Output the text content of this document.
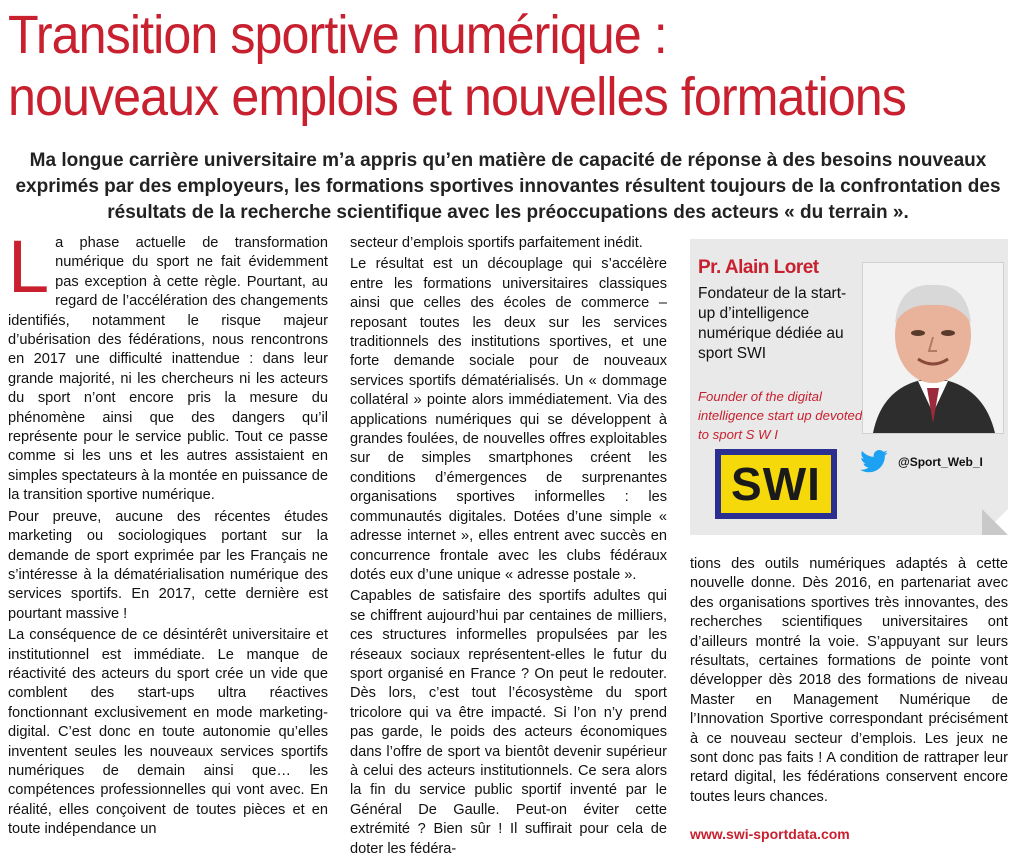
Transition sportive numérique :
nouveaux emplois et nouvelles formations

Ma longue carrière universitaire m’a appris qu’en matière de capacité de réponse à des besoins nouveaux exprimés par des employeurs, les formations sportives innovantes résultent toujours de la confrontation des résultats de la recherche scientifique avec les préoccupations des acteurs « du terrain ».

La phase actuelle de transformation numérique du sport ne fait évidemment pas exception à cette règle. Pourtant, au regard de l’accélération des changements identifiés, notamment le risque majeur d’ubérisation des fédérations, nous rencontrons en 2017 une difficulté inattendue : dans leur grande majorité, ni les chercheurs ni les acteurs du sport n’ont encore pris la mesure du phénomène ainsi que des dangers qu’il représente pour le service public. Tout ce passe comme si les uns et les autres assistaient en simples spectateurs à la montée en puissance de la transition sportive numérique.

Pour preuve, aucune des récentes études marketing ou sociologiques portant sur la demande de sport exprimée par les Français ne s’intéresse à la dématérialisation numérique des services sportifs. En 2017, cette dernière est pourtant massive !

La conséquence de ce désintérêt universitaire et institutionnel est immédiate. Le manque de réactivité des acteurs du sport crée un vide que comblent des start-ups ultra réactives fonctionnant exclusivement en mode marketing-digital. C’est donc en toute autonomie qu’elles inventent seules les nouveaux services sportifs numériques de demain ainsi que… les compétences professionnelles qui vont avec. En réalité, elles conçoivent de toutes pièces et en toute indépendance un

secteur d’emplois sportifs parfaitement inédit.

Le résultat est un découplage qui s’accélère entre les formations universitaires classiques ainsi que celles des écoles de commerce – reposant toutes les deux sur les services traditionnels des institutions sportives, et une forte demande sociale pour de nouveaux services sportifs dématérialisés. Un « dommage collatéral » pointe alors immédiatement. Via des applications numériques qui se développent à grandes foulées, de nouvelles offres exploitables sur de simples smartphones créent les conditions d’émergences de surprenantes organisations sportives informelles : les communautés digitales. Dotées d’une simple « adresse internet », elles entrent avec succès en concurrence frontale avec les clubs fédéraux dotés eux d’une unique « adresse postale ».

Capables de satisfaire des sportifs adultes qui se chiffrent aujourd’hui par centaines de milliers, ces structures informelles propulsées par les réseaux sociaux représentent-elles le futur du sport organisé en France ? On peut le redouter. Dès lors, c’est tout l’écosystème du sport tricolore qui va être impacté. Si l’on n’y prend pas garde, le poids des acteurs économiques dans l’offre de sport va bientôt devenir supérieur à celui des acteurs institutionnels. Ce sera alors la fin du service public sportif inventé par le Général De Gaulle. Peut-on éviter cette extrémité ? Bien sûr ! Il suffirait pour cela de doter les fédéra-

Pr. Alain Loret
Fondateur de la start-up d’intelligence numérique dédiée au sport SWI
Founder of the digital intelligence start up devoted to sport S W I
SWI	@Sport_Web_I

tions des outils numériques adaptés à cette nouvelle donne. Dès 2016, en partenariat avec des organisations sportives très innovantes, des recherches scientifiques universitaires ont d’ailleurs montré la voie. S’appuyant sur leurs résultats, certaines formations de pointe vont développer dès 2018 des formations de niveau Master en Management Numérique de l’Innovation Sportive correspondant précisément à ce nouveau secteur d’emplois. Les jeux ne sont donc pas faits ! A condition de rattraper leur retard digital, les fédérations conservent encore toutes leurs chances.

www.swi-sportdata.com
